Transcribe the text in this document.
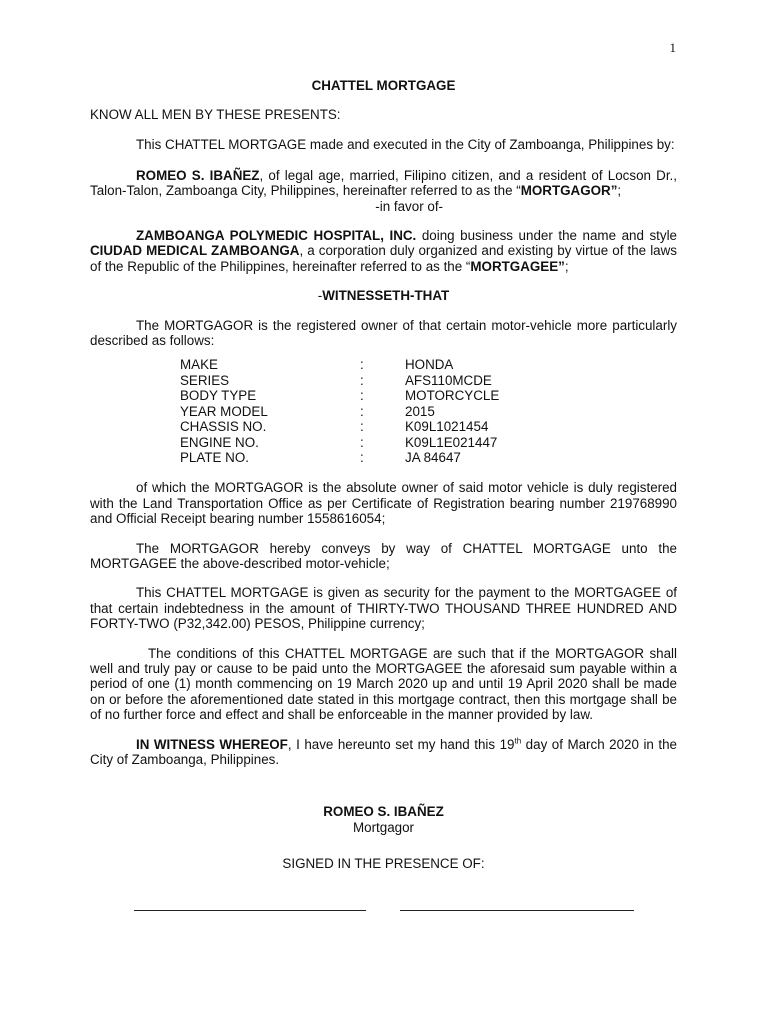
1
CHATTEL MORTGAGE

KNOW ALL MEN BY THESE PRESENTS:

This CHATTEL MORTGAGE made and executed in the City of Zamboanga, Philippines by:

ROMEO S. IBAÑEZ, of legal age, married, Filipino citizen, and a resident of Locson Dr., Talon-Talon, Zamboanga City, Philippines, hereinafter referred to as the “MORTGAGOR”;

-in favor of-

ZAMBOANGA POLYMEDIC HOSPITAL, INC. doing business under the name and style CIUDAD MEDICAL ZAMBOANGA, a corporation duly organized and existing by virtue of the laws of the Republic of the Philippines, hereinafter referred to as the “MORTGAGEE”;

-WITNESSETH-THAT

The MORTGAGOR is the registered owner of that certain motor-vehicle more particularly described as follows:

MAKE	:	HONDA
SERIES	:	AFS110MCDE
BODY TYPE	:	MOTORCYCLE
YEAR MODEL	:	2015
CHASSIS NO.	:	K09L1021454
ENGINE NO.	:	K09L1E021447
PLATE NO.	:	JA 84647

of which the MORTGAGOR is the absolute owner of said motor vehicle is duly registered with the Land Transportation Office as per Certificate of Registration bearing number 219768990 and Official Receipt bearing number 1558616054;

The MORTGAGOR hereby conveys by way of CHATTEL MORTGAGE unto the MORTGAGEE the above-described motor-vehicle;

This CHATTEL MORTGAGE is given as security for the payment to the MORTGAGEE of that certain indebtedness in the amount of THIRTY-TWO THOUSAND THREE HUNDRED AND FORTY-TWO (P32,342.00) PESOS, Philippine currency;

The conditions of this CHATTEL MORTGAGE are such that if the MORTGAGOR shall well and truly pay or cause to be paid unto the MORTGAGEE the aforesaid sum payable within a period of one (1) month commencing on 19 March 2020 up and until 19 April 2020 shall be made on or before the aforementioned date stated in this mortgage contract, then this mortgage shall be of no further force and effect and shall be enforceable in the manner provided by law.

IN WITNESS WHEREOF, I have hereunto set my hand this 19th day of March 2020 in the City of Zamboanga, Philippines.

ROMEO S. IBAÑEZ
Mortgagor
SIGNED IN THE PRESENCE OF:
